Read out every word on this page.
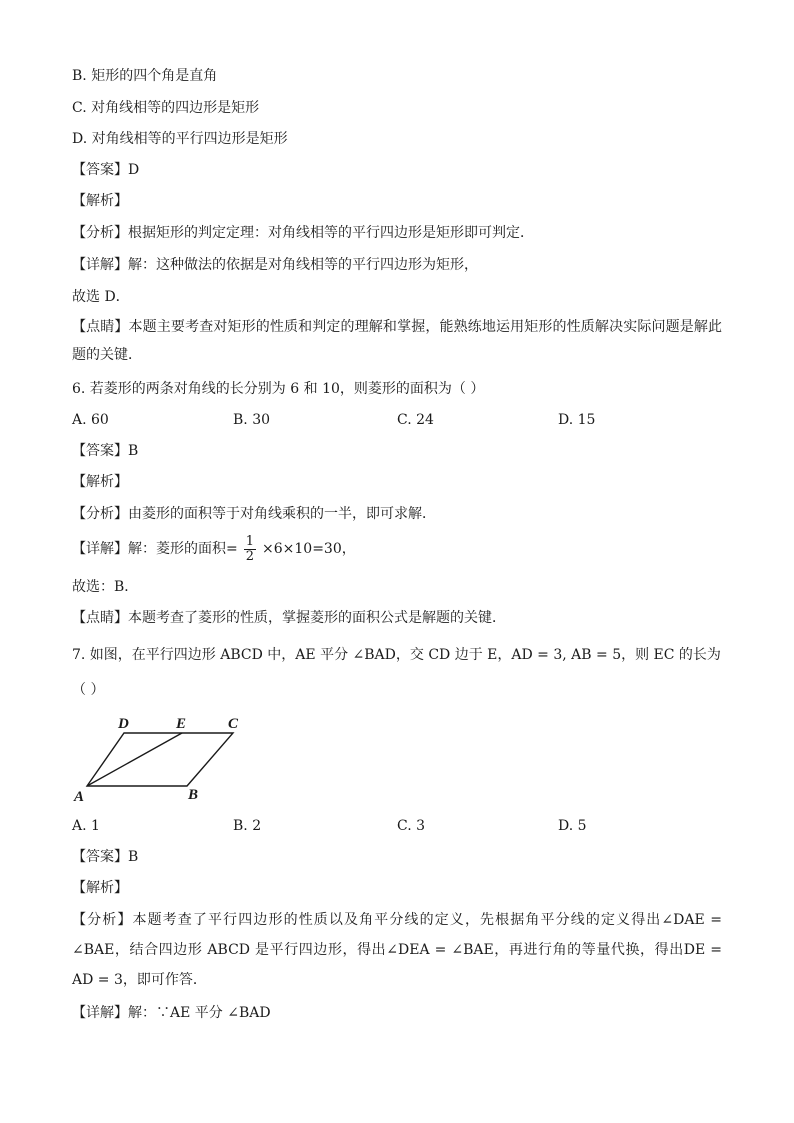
B. 矩形的四个角是直角
C. 对角线相等的四边形是矩形
D. 对角线相等的平行四边形是矩形
【答案】D
【解析】
【分析】根据矩形的判定定理：对角线相等的平行四边形是矩形即可判定．
【详解】解：这种做法的依据是对角线相等的平行四边形为矩形，
故选 D．
【点睛】本题主要考查对矩形的性质和判定的理解和掌握，能熟练地运用矩形的性质解决实际问题是解此题的关键．
6. 若菱形的两条对角线的长分别为 6 和 10，则菱形的面积为（ ）
A. 60	B. 30	C. 24	D. 15
【答案】B
【解析】
【分析】由菱形的面积等于对角线乘积的一半，即可求解．
【详解】解：菱形的面积= $\frac{1}{2} \times 6\times 10=30$，
故选：B．
【点睛】本题考查了菱形的性质，掌握菱形的面积公式是解题的关键．
7. 如图，在平行四边形 ABCD 中，AE 平分 ∠BAD，交 CD 边于 E，AD = 3, AB = 5，则 EC 的长为
（ ）
D	E	C
A	B
A. 1	B. 2	C. 3	D. 5
【答案】B
【解析】
【分析】本题考查了平行四边形的性质以及角平分线的定义，先根据角平分线的定义得出∠DAE = ∠BAE，结合四边形 ABCD 是平行四边形，得出∠DEA = ∠BAE，再进行角的等量代换，得出DE = AD = 3，即可作答．
【详解】解：∵AE 平分 ∠BAD
